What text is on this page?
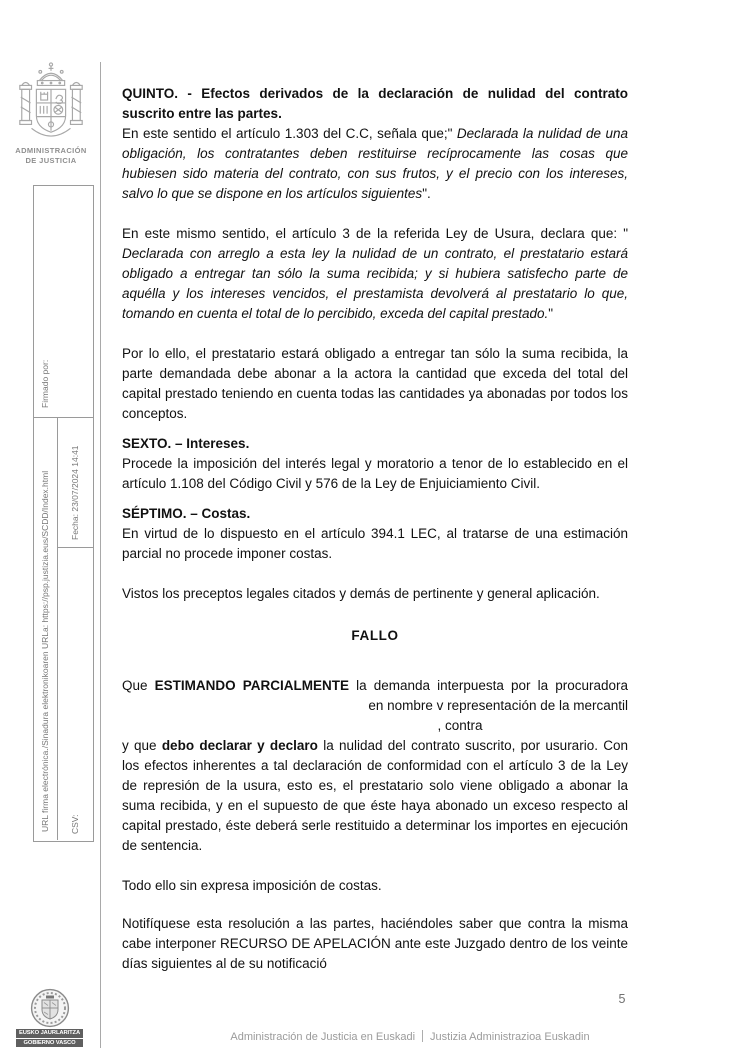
ADMINISTRACIÓN
DE JUSTICIA
Firmado por:
URL firma electrónica./Sinadura elektronikoaren URLa: https://psp.justizia.eus/SCDD/Index.html	Fecha: 23/07/2024 14:41
CSV:

QUINTO. - Efectos derivados de la declaración de nulidad del contrato suscrito entre las partes.

En este sentido el artículo 1.303 del C.C, señala que;" Declarada la nulidad de una obligación, los contratantes deben restituirse recíprocamente las cosas que hubiesen sido materia del contrato, con sus frutos, y el precio con los intereses, salvo lo que se dispone en los artículos siguientes".

En este mismo sentido, el artículo 3 de la referida Ley de Usura, declara que: " Declarada con arreglo a esta ley la nulidad de un contrato, el prestatario estará obligado a entregar tan sólo la suma recibida; y si hubiera satisfecho parte de aquélla y los intereses vencidos, el prestamista devolverá al prestatario lo que, tomando en cuenta el total de lo percibido, exceda del capital prestado."

Por lo ello, el prestatario estará obligado a entregar tan sólo la suma recibida, la parte demandada debe abonar a la actora la cantidad que exceda del total del capital prestado teniendo en cuenta todas las cantidades ya abonadas por todos los conceptos.

SEXTO. – Intereses.

Procede la imposición del interés legal y moratorio a tenor de lo establecido en el artículo 1.108 del Código Civil y 576 de la Ley de Enjuiciamiento Civil.

SÉPTIMO. – Costas.

En virtud de lo dispuesto en el artículo 394.1 LEC, al tratarse de una estimación parcial no procede imponer costas.

Vistos los preceptos legales citados y demás de pertinente y general aplicación.

FALLO

Que ESTIMANDO PARCIALMENTE la demanda interpuesta por la procuradora

en nombre v representación de la mercantil

, contra

y que debo declarar y declaro la nulidad del contrato suscrito, por usurario. Con los efectos inherentes a tal declaración de conformidad con el artículo 3 de la Ley de represión de la usura, esto es, el prestatario solo viene obligado a abonar la suma recibida, y en el supuesto de que éste haya abonado un exceso respecto al capital prestado, éste deberá serle restituido a determinar los importes en ejecución de sentencia.

Todo ello sin expresa imposición de costas.

Notifíquese esta resolución a las partes, haciéndoles saber que contra la misma cabe interponer RECURSO DE APELACIÓN ante este Juzgado dentro de los veinte días siguientes al de su notificació

EUSKO JAURLARITZA
GOBIERNO VASCO	Administración de Justicia en Euskadi Justizia Administrazioa Euskadin
5
